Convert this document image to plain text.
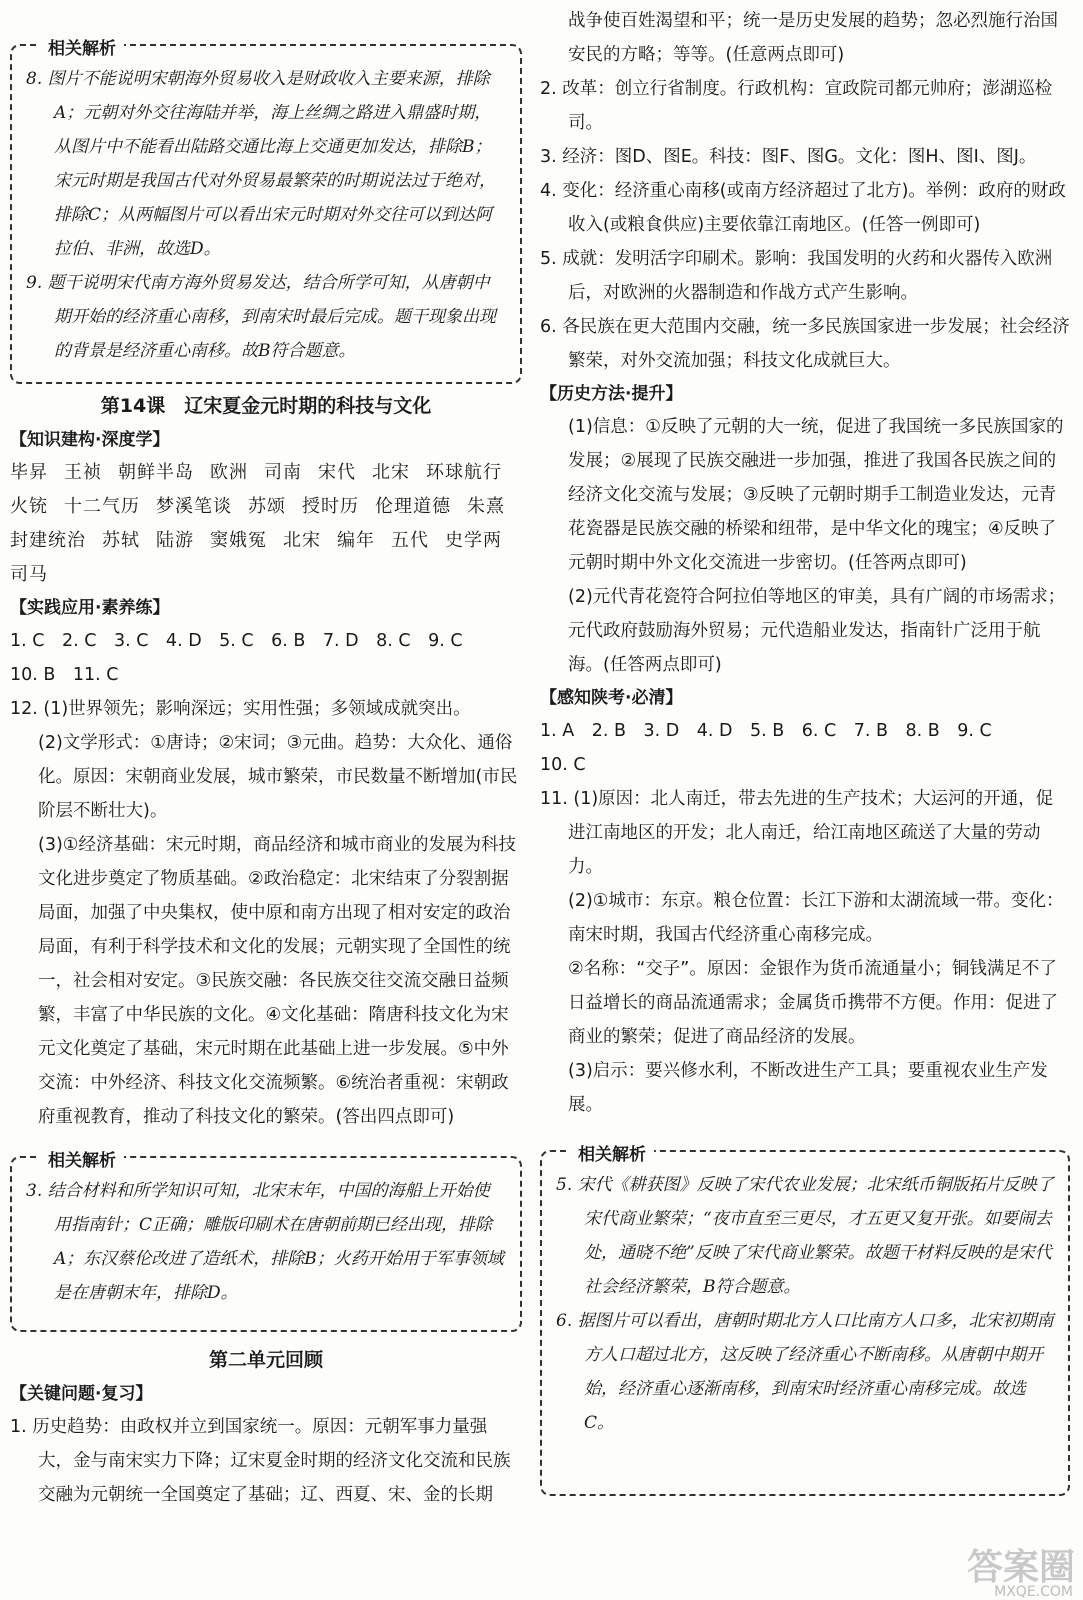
相关解析
8. 图片不能说明宋朝海外贸易收入是财政收入主要来源，排除A；元朝对外交往海陆并举，海上丝绸之路进入鼎盛时期，从图片中不能看出陆路交通比海上交通更加发达，排除B；宋元时期是我国古代对外贸易最繁荣的时期说法过于绝对，排除C；从两幅图片可以看出宋元时期对外交往可以到达阿拉伯、非洲，故选D。
9. 题干说明宋代南方海外贸易发达，结合所学可知，从唐朝中期开始的经济重心南移，到南宋时最后完成。题干现象出现的背景是经济重心南移。故B符合题意。
第14课　辽宋夏金元时期的科技与文化
【知识建构·深度学】
毕昇 王祯 朝鲜半岛 欧洲 司南 宋代 北宋 环球航行火铳 十二气历 梦溪笔谈 苏颂 授时历 伦理道德 朱熹封建统治 苏轼 陆游 窦娥冤 北宋 编年 五代 史学两司马
【实践应用·素养练】
1. C　2. C　3. C　4. D　5. C　6. B　7. D　8. C　9. C
10. B　11. C
12. (1)世界领先；影响深远；实用性强；多领域成就突出。
(2)文学形式：①唐诗；②宋词；③元曲。趋势：大众化、通俗化。原因：宋朝商业发展，城市繁荣，市民数量不断增加(市民阶层不断壮大)。
(3)①经济基础：宋元时期，商品经济和城市商业的发展为科技文化进步奠定了物质基础。②政治稳定：北宋结束了分裂割据局面，加强了中央集权，使中原和南方出现了相对安定的政治局面，有利于科学技术和文化的发展；元朝实现了全国性的统一，社会相对安定。③民族交融：各民族交往交流交融日益频繁，丰富了中华民族的文化。④文化基础：隋唐科技文化为宋元文化奠定了基础，宋元时期在此基础上进一步发展。⑤中外交流：中外经济、科技文化交流频繁。⑥统治者重视：宋朝政府重视教育，推动了科技文化的繁荣。(答出四点即可)
相关解析
3. 结合材料和所学知识可知，北宋末年，中国的海船上开始使用指南针；C正确；雕版印刷术在唐朝前期已经出现，排除A；东汉蔡伦改进了造纸术，排除B；火药开始用于军事领域是在唐朝末年，排除D。
第二单元回顾
【关键问题·复习】
1. 历史趋势：由政权并立到国家统一。原因：元朝军事力量强大，金与南宋实力下降；辽宋夏金时期的经济文化交流和民族交融为元朝统一全国奠定了基础；辽、西夏、宋、金的长期
战争使百姓渴望和平；统一是历史发展的趋势；忽必烈施行治国安民的方略；等等。(任意两点即可)
2. 改革：创立行省制度。行政机构：宣政院司都元帅府；澎湖巡检司。
3. 经济：图D、图E。科技：图F、图G。文化：图H、图I、图J。
4. 变化：经济重心南移(或南方经济超过了北方)。举例：政府的财政收入(或粮食供应)主要依靠江南地区。(任答一例即可)
5. 成就：发明活字印刷术。影响：我国发明的火药和火器传入欧洲后，对欧洲的火器制造和作战方式产生影响。
6. 各民族在更大范围内交融，统一多民族国家进一步发展；社会经济繁荣，对外交流加强；科技文化成就巨大。
【历史方法·提升】
(1)信息：①反映了元朝的大一统，促进了我国统一多民族国家的发展；②展现了民族交融进一步加强，推进了我国各民族之间的经济文化交流与发展；③反映了元朝时期手工制造业发达，元青花瓷器是民族交融的桥梁和纽带，是中华文化的瑰宝；④反映了元朝时期中外文化交流进一步密切。(任答两点即可)
(2)元代青花瓷符合阿拉伯等地区的审美，具有广阔的市场需求；元代政府鼓励海外贸易；元代造船业发达，指南针广泛用于航海。(任答两点即可)
【感知陕考·必清】
1. A　2. B　3. D　4. D　5. B　6. C　7. B　8. B　9. C
10. C
11. (1)原因：北人南迁，带去先进的生产技术；大运河的开通，促进江南地区的开发；北人南迁，给江南地区疏送了大量的劳动力。
(2)①城市：东京。粮仓位置：长江下游和太湖流域一带。变化：南宋时期，我国古代经济重心南移完成。
②名称：“交子”。原因：金银作为货币流通量小；铜钱满足不了日益增长的商品流通需求；金属货币携带不方便。作用：促进了商业的繁荣；促进了商品经济的发展。
(3)启示：要兴修水利，不断改进生产工具；要重视农业生产发展。
相关解析
5. 宋代《耕获图》反映了宋代农业发展；北宋纸币铜版拓片反映了宋代商业繁荣；“夜市直至三更尽，才五更又复开张。如要闹去处，通晓不绝”反映了宋代商业繁荣。故题干材料反映的是宋代社会经济繁荣，B符合题意。
6. 据图片可以看出，唐朝时期北方人口比南方人口多，北宋初期南方人口超过北方，这反映了经济重心不断南移。从唐朝中期开始，经济重心逐渐南移，到南宋时经济重心南移完成。故选C。
答案圈
MXQE.COM
